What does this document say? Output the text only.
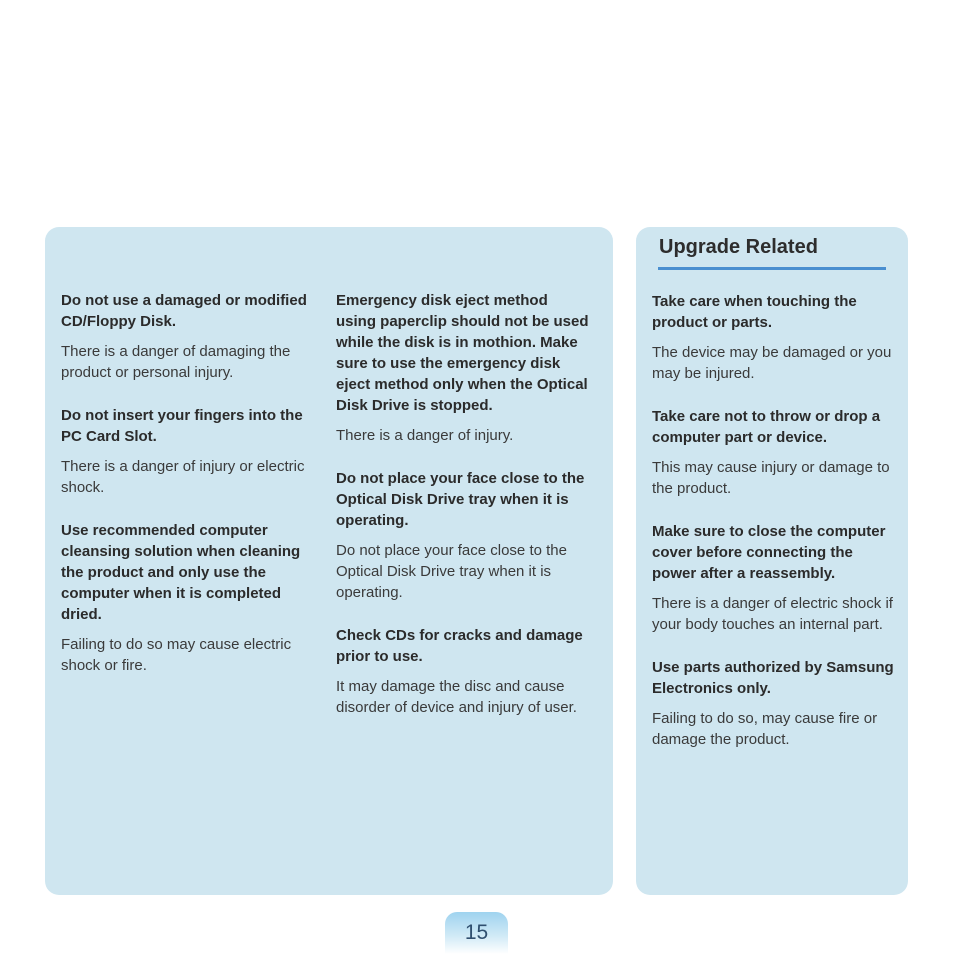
Do not use a damaged or modified CD/Floppy Disk.

There is a danger of damaging the product or personal injury.

Do not insert your fingers into the PC Card Slot.

There is a danger of injury or electric shock.

Use recommended computer cleansing solution when cleaning the product and only use the computer when it is completed dried.

Failing to do so may cause electric shock or fire.

Emergency disk eject method using paperclip should not be used while the disk is in mothion. Make sure to use the emergency disk eject method only when the Optical Disk Drive is stopped.

There is a danger of injury.

Do not place your face close to the Optical Disk Drive tray when it is operating.

Do not place your face close to the Optical Disk Drive tray when it is operating.

Check CDs for cracks and damage prior to use.

It may damage the disc and cause disorder of device and injury of user.

Upgrade Related

Take care when touching the product or parts.

The device may be damaged or you may be injured.

Take care not to throw or drop a computer part or device.

This may cause injury or damage to the product.

Make sure to close the computer cover before connecting the power after a reassembly.

There is a danger of electric shock if your body touches an internal part.

Use parts authorized by Samsung Electronics only.

Failing to do so, may cause fire or damage the product.

15
